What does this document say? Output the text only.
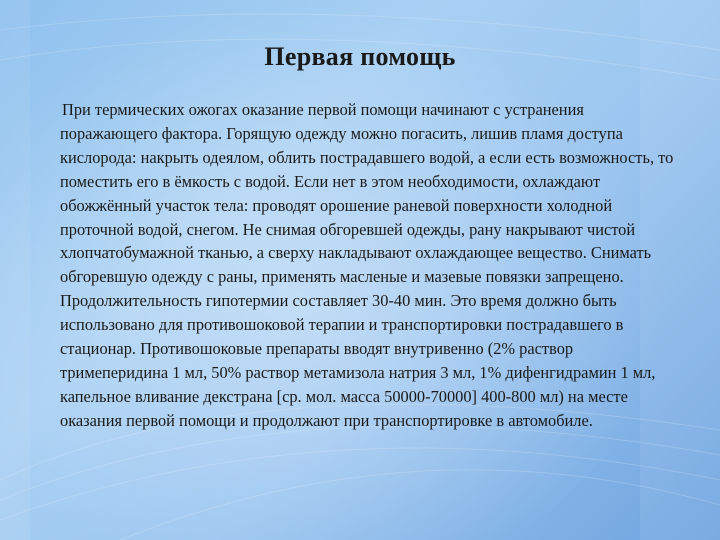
Первая помощь

При термических ожогах оказание первой помощи начинают с устранения поражающего фактора. Горящую одежду можно погасить, лишив пламя доступа кислорода: накрыть одеялом, облить пострадавшего водой, а если есть возможность, то поместить его в ёмкость с водой. Если нет в этом необходимости, охлаждают обожжённый участок тела: проводят орошение раневой поверхности холодной проточной водой, снегом. Не снимая обгоревшей одежды, рану накрывают чистой хлопчатобумажной тканью, а сверху накладывают охлаждающее вещество. Снимать обгоревшую одежду с раны, применять масленые и мазевые повязки запрещено. Продолжительность гипотермии составляет 30-40 мин. Это время должно быть использовано для противошоковой терапии и транспортировки пострадавшего в стационар. Противошоковые препараты вводят внутривенно (2% раствор тримеперидина 1 мл, 50% раствор метамизола натрия 3 мл, 1% дифенгидрамин 1 мл, капельное вливание декстрана [ср. мол. масса 50000-70000] 400-800 мл) на месте оказания первой помощи и продолжают при транспортировке в автомобиле.
